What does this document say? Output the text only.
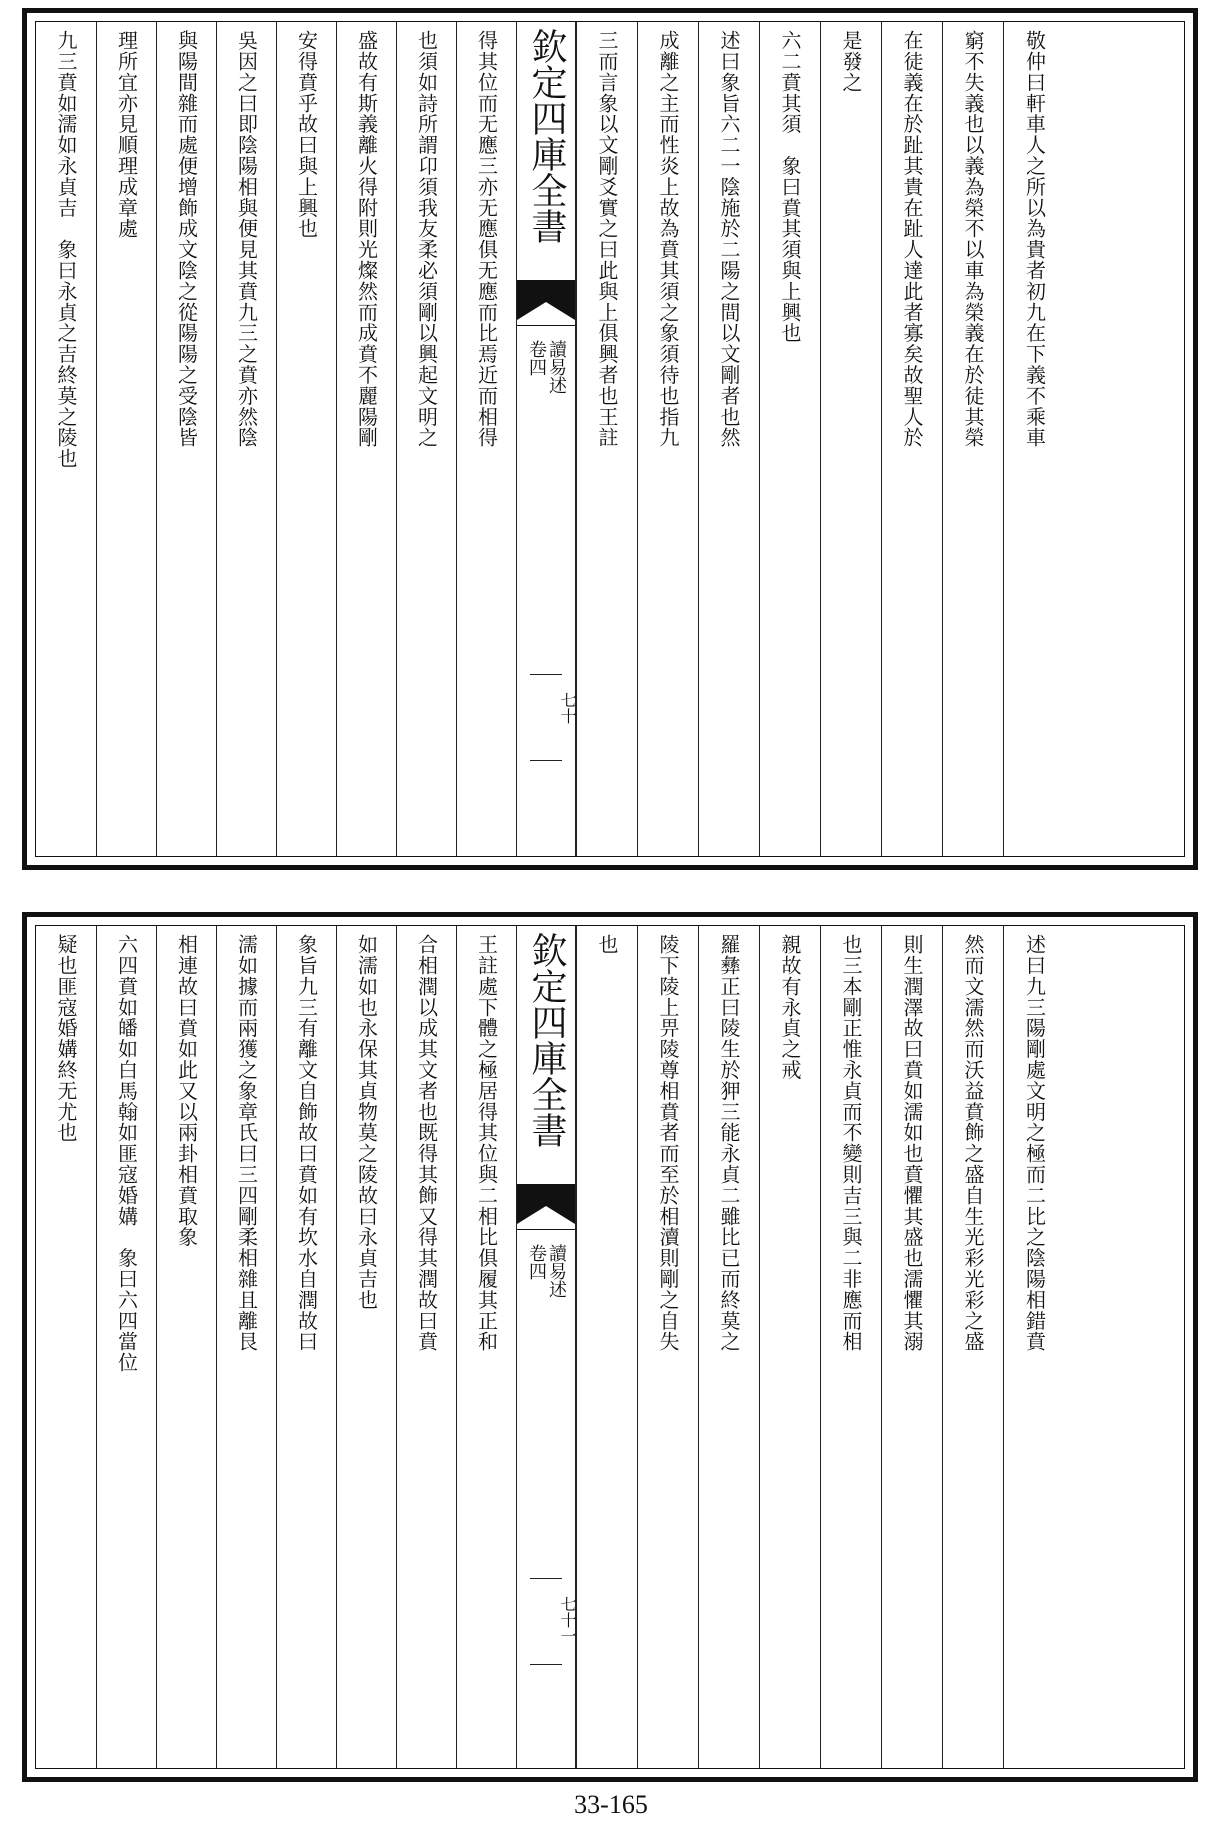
九三賁如濡如永貞吉　象曰永貞之吉終莫之陵也 理所宜亦見順理成章處 與陽間雜而處便增飾成文陰之從陽陽之受陰皆 吳因之曰即陰陽相與便見其賁九三之賁亦然陰 安得賁乎故曰與上興也 盛故有斯義離火得附則光燦然而成賁不麗陽剛 也須如詩所謂卬須我友柔必須剛以興起文明之 得其位而无應三亦无應俱无應而比焉近而相得 欽定四庫全書
讀易述
卷四
七十
三而言象以文剛爻實之曰此與上俱興者也王註 成離之主而性炎上故為賁其須之象須待也指九 述曰象旨六二一陰施於二陽之間以文剛者也然 六二賁其須　象曰賁其須與上興也 是發之 在徒義在於趾其貴在趾人達此者寡矣故聖人於 窮不失義也以義為榮不以車為榮義在於徒其榮 敬仲曰軒車人之所以為貴者初九在下義不乘車
疑也匪寇婚媾終无尤也 六四賁如皤如白馬翰如匪寇婚媾　象曰六四當位 相連故曰賁如此又以兩卦相賁取象 濡如據而兩獲之象章氏曰三四剛柔相雜且離艮 象旨九三有離文自飾故曰賁如有坎水自潤故曰 如濡如也永保其貞物莫之陵故曰永貞吉也 合相潤以成其文者也既得其飾又得其潤故曰賁 王註處下體之極居得其位與二相比俱履其正和 欽定四庫全書
讀易述
卷四
七十一
也 陵下陵上畀陵尊相賁者而至於相瀆則剛之自失 羅彝正曰陵生於狎三能永貞二雖比已而終莫之 親故有永貞之戒 也三本剛正惟永貞而不變則吉三與二非應而相 則生潤澤故曰賁如濡如也賁懼其盛也濡懼其溺 然而文濡然而沃益賁飾之盛自生光彩光彩之盛 述曰九三陽剛處文明之極而二比之陰陽相錯賁
33-165
